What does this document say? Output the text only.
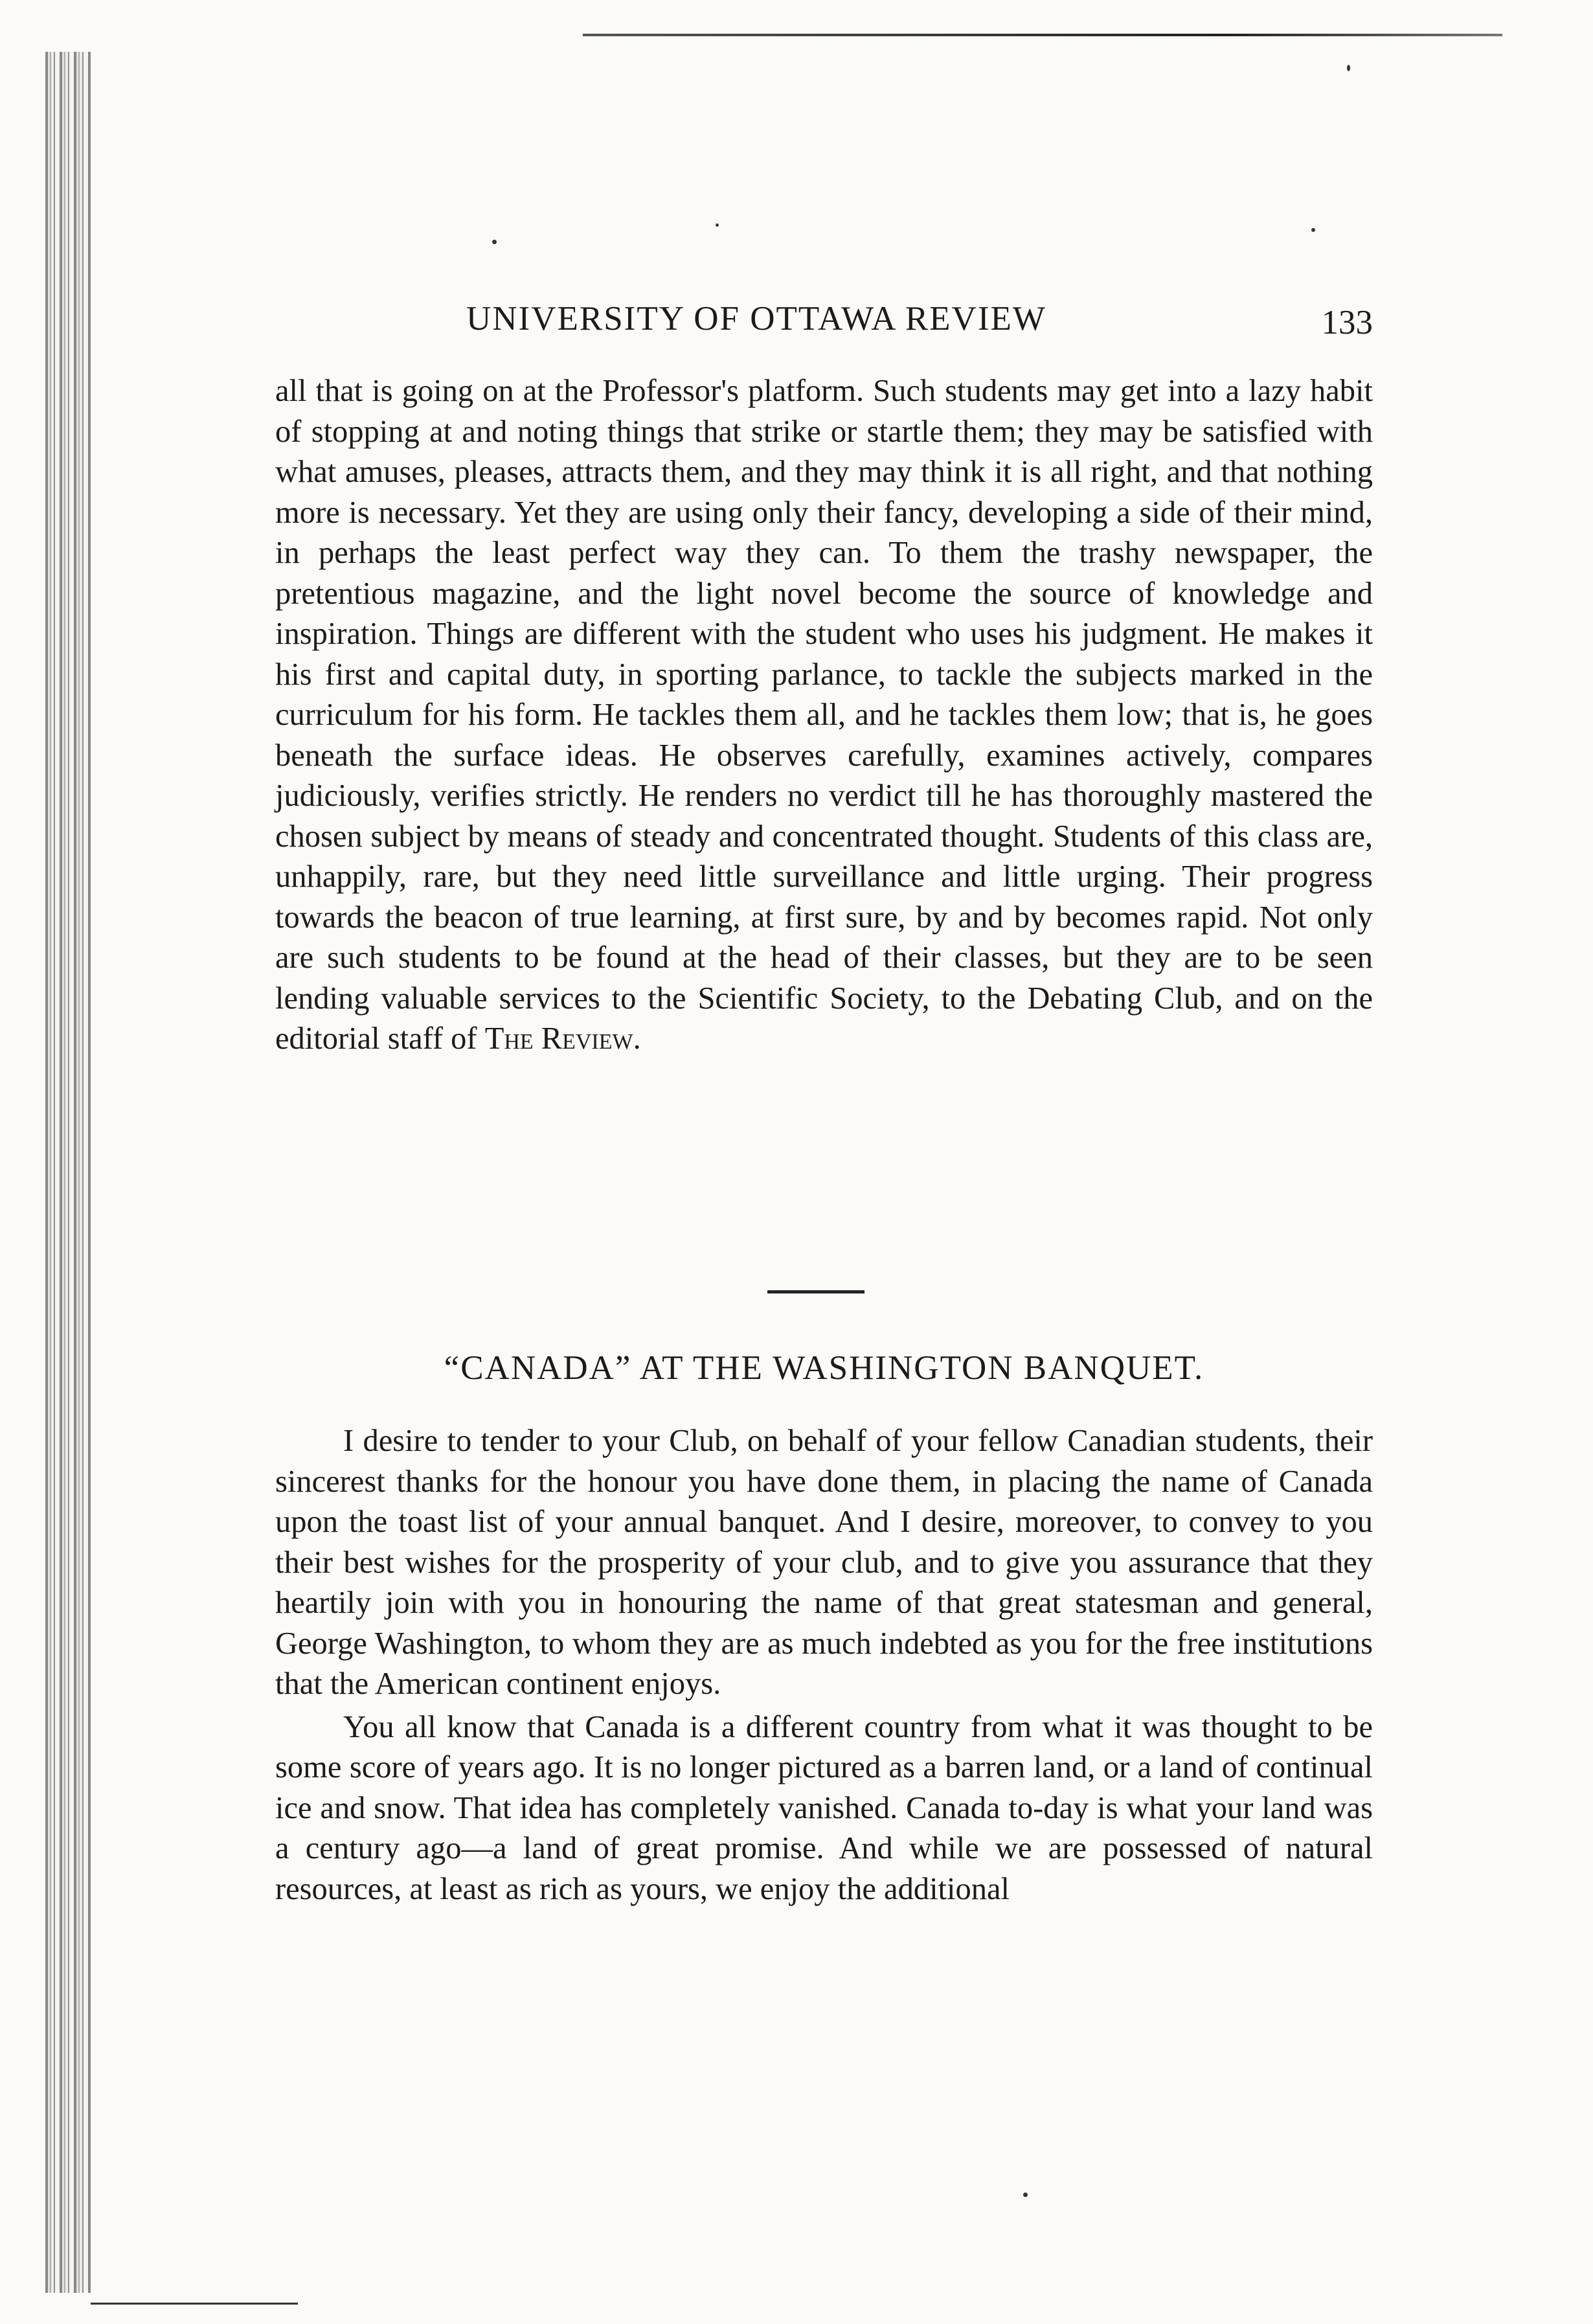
UNIVERSITY OF OTTAWA REVIEW	133

all that is going on at the Professor's platform. Such students may get into a lazy habit of stopping at and noting things that strike or startle them; they may be satisfied with what amuses, pleases, attracts them, and they may think it is all right, and that nothing more is necessary. Yet they are using only their fancy, developing a side of their mind, in perhaps the least perfect way they can. To them the trashy newspaper, the pretentious magazine, and the light novel become the source of knowledge and inspiration. Things are different with the student who uses his judgment. He makes it his first and capital duty, in sporting parlance, to tackle the subjects marked in the curriculum for his form. He tackles them all, and he tackles them low; that is, he goes beneath the surface ideas. He observes carefully, examines actively, compares judiciously, verifies strictly. He renders no verdict till he has thoroughly mastered the chosen subject by means of steady and concentrated thought. Students of this class are, unhappily, rare, but they need little surveillance and little urging. Their progress towards the beacon of true learning, at first sure, by and by becomes rapid. Not only are such students to be found at the head of their classes, but they are to be seen lending valuable services to the Scientific Society, to the Debating Club, and on the editorial staff of The Review.

“CANADA” AT THE WASHINGTON BANQUET.

I desire to tender to your Club, on behalf of your fellow Canadian students, their sincerest thanks for the honour you have done them, in placing the name of Canada upon the toast list of your annual banquet. And I desire, moreover, to convey to you their best wishes for the prosperity of your club, and to give you assurance that they heartily join with you in honouring the name of that great statesman and general, George Washington, to whom they are as much indebted as you for the free institutions that the American continent enjoys.

You all know that Canada is a different country from what it was thought to be some score of years ago. It is no longer pictured as a barren land, or a land of continual ice and snow. That idea has completely vanished. Canada to-day is what your land was a century ago—a land of great promise. And while we are possessed of natural resources, at least as rich as yours, we enjoy the additional
